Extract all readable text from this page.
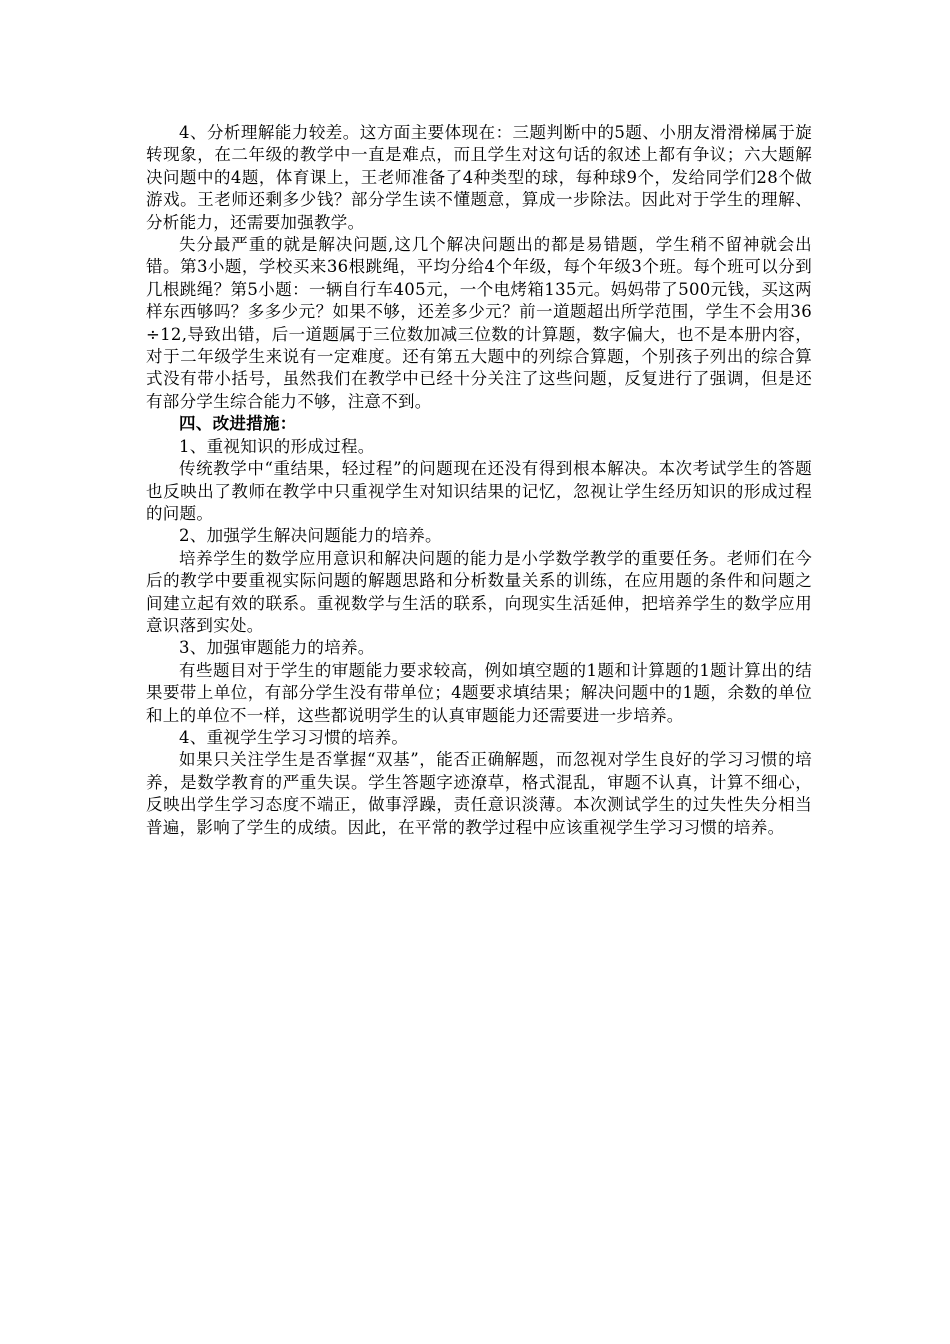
4、分析理解能力较差。这方面主要体现在：三题判断中的5题、小朋友滑滑梯属于旋转现象，在二年级的教学中一直是难点，而且学生对这句话的叙述上都有争议；六大题解决问题中的4题，体育课上，王老师准备了4种类型的球，每种球9个，发给同学们28个做游戏。王老师还剩多少钱？部分学生读不懂题意，算成一步除法。因此对于学生的理解、分析能力，还需要加强教学。

失分最严重的就是解决问题,这几个解决问题出的都是易错题，学生稍不留神就会出错。第3小题，学校买来36根跳绳，平均分给4个年级，每个年级3个班。每个班可以分到几根跳绳？第5小题：一辆自行车405元，一个电烤箱135元。妈妈带了500元钱，买这两样东西够吗？多多少元？如果不够，还差多少元？前一道题超出所学范围，学生不会用36÷12,导致出错，后一道题属于三位数加减三位数的计算题，数字偏大，也不是本册内容，对于二年级学生来说有一定难度。还有第五大题中的列综合算题，个别孩子列出的综合算式没有带小括号，虽然我们在教学中已经十分关注了这些问题，反复进行了强调，但是还有部分学生综合能力不够，注意不到。

四、改进措施：

1、重视知识的形成过程。

传统教学中“重结果，轻过程”的问题现在还没有得到根本解决。本次考试学生的答题也反映出了教师在教学中只重视学生对知识结果的记忆，忽视让学生经历知识的形成过程的问题。

2、加强学生解决问题能力的培养。

培养学生的数学应用意识和解决问题的能力是小学数学教学的重要任务。老师们在今后的教学中要重视实际问题的解题思路和分析数量关系的训练，在应用题的条件和问题之间建立起有效的联系。重视数学与生活的联系，向现实生活延伸，把培养学生的数学应用意识落到实处。

3、加强审题能力的培养。

有些题目对于学生的审题能力要求较高，例如填空题的1题和计算题的1题计算出的结果要带上单位，有部分学生没有带单位；4题要求填结果；解决问题中的1题，余数的单位和上的单位不一样，这些都说明学生的认真审题能力还需要进一步培养。

4、重视学生学习习惯的培养。

如果只关注学生是否掌握“双基”，能否正确解题，而忽视对学生良好的学习习惯的培养，是数学教育的严重失误。学生答题字迹潦草，格式混乱，审题不认真，计算不细心，反映出学生学习态度不端正，做事浮躁，责任意识淡薄。本次测试学生的过失性失分相当普遍，影响了学生的成绩。因此，在平常的教学过程中应该重视学生学习习惯的培养。
